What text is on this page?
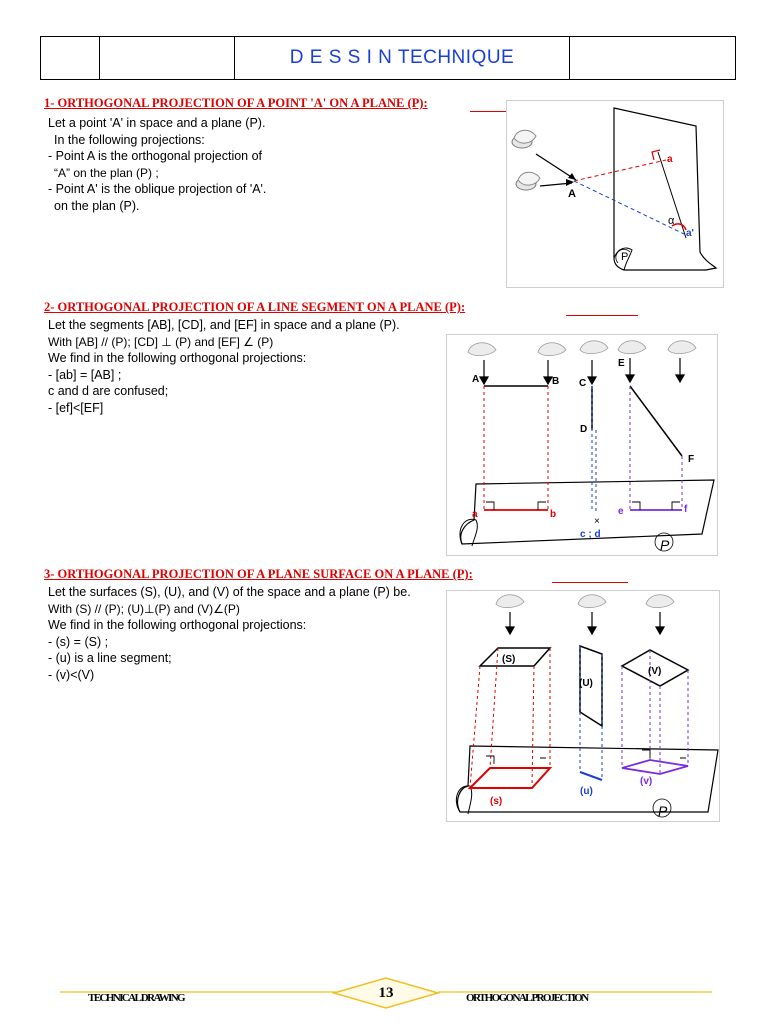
D E S S I N TECHNIQUE
1- ORTHOGONAL PROJECTION OF A POINT 'A' ON A PLANE (P):
Let a point 'A' in space and a plane (P).
In the following projections:
- Point A is the orthogonal projection of
“A” on the plan (P) ;
- Point A' is the oblique projection of 'A'.
on the plan (P).
a
A
α
a'
P
2- ORTHOGONAL PROJECTION OF A LINE SEGMENT ON A PLANE (P):
Let the segments [AB], [CD], and [EF] in space and a plane (P).
With [AB] // (P); [CD] ⊥ (P) and [EF] ∠ (P)
We find in the following orthogonal projections:
- [ab] = [AB] ;
c and d are confused;
- [ef]<[EF]
×
A	B C
D
E
F
a	b
c ; d
e	f
P
3- ORTHOGONAL PROJECTION OF A PLANE SURFACE ON A PLANE (P):
Let the surfaces (S), (U), and (V) of the space and a plane (P) be.
With (S) // (P); (U)⊥(P) and (V)∠(P)
We find in the following orthogonal projections:
- (s) = (S) ;
- (u) is a line segment;
- (v)<(V)
(S)
(U)
(V)
(s)
(u)
(v)
P
TECHNICAL DRAWING	13	ORTHOGONAL PROJECTION
